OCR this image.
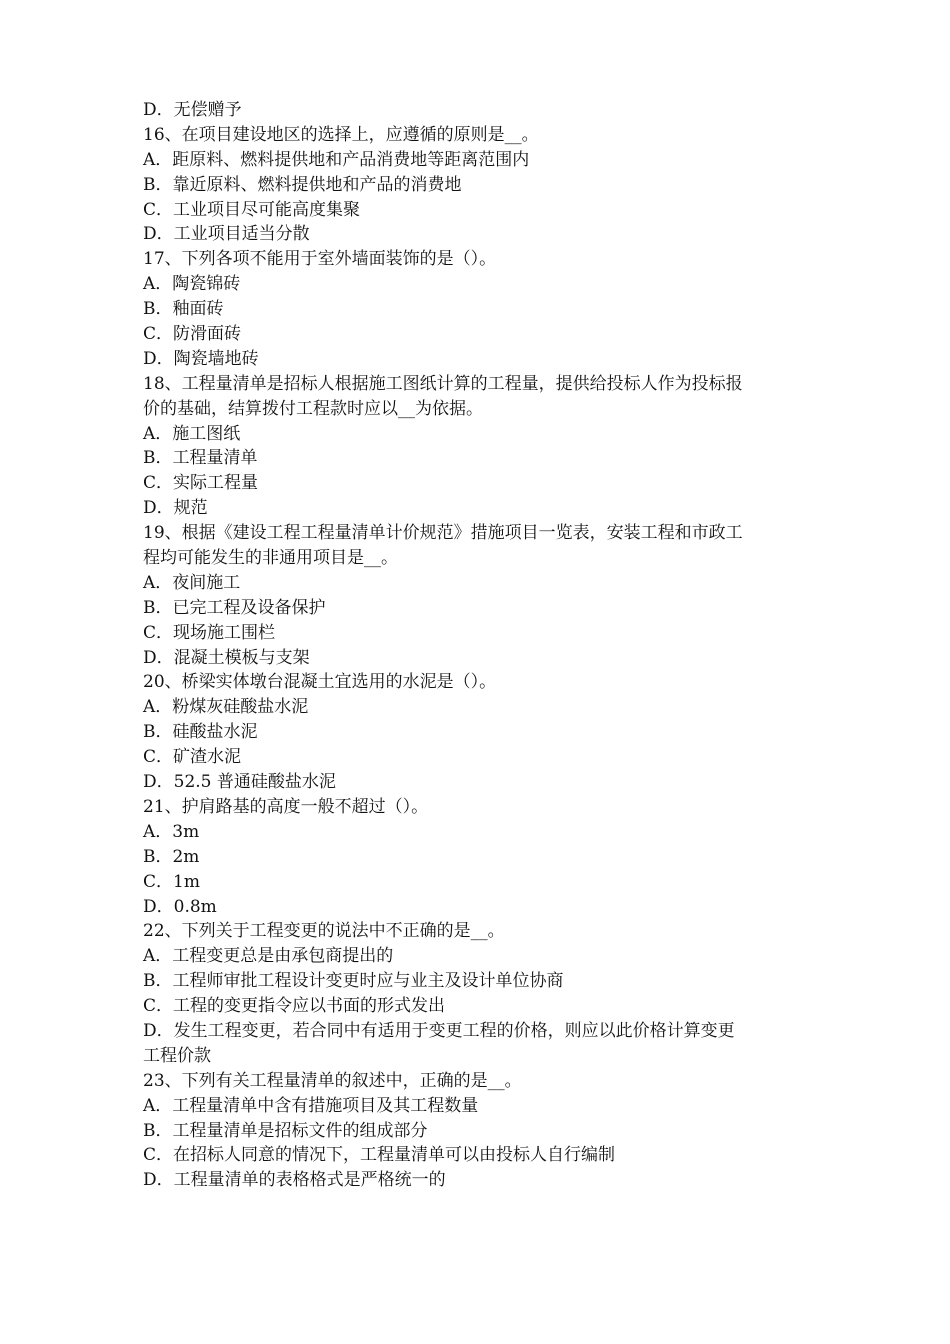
D．无偿赠予
16、在项目建设地区的选择上，应遵循的原则是__。
A．距原料、燃料提供地和产品消费地等距离范围内
B．靠近原料、燃料提供地和产品的消费地
C．工业项目尽可能高度集聚
D．工业项目适当分散
17、下列各项不能用于室外墙面装饰的是（）。
A．陶瓷锦砖
B．釉面砖
C．防滑面砖
D．陶瓷墙地砖
18、工程量清单是招标人根据施工图纸计算的工程量，提供给投标人作为投标报
价的基础，结算拨付工程款时应以__为依据。
A．施工图纸
B．工程量清单
C．实际工程量
D．规范
19、根据《建设工程工程量清单计价规范》措施项目一览表，安装工程和市政工
程均可能发生的非通用项目是__。
A．夜间施工
B．已完工程及设备保护
C．现场施工围栏
D．混凝土模板与支架
20、桥梁实体墩台混凝土宜选用的水泥是（）。
A．粉煤灰硅酸盐水泥
B．硅酸盐水泥
C．矿渣水泥
D．52.5 普通硅酸盐水泥
21、护肩路基的高度一般不超过（）。
A．3m
B．2m
C．1m
D．0.8m
22、下列关于工程变更的说法中不正确的是__。
A．工程变更总是由承包商提出的
B．工程师审批工程设计变更时应与业主及设计单位协商
C．工程的变更指令应以书面的形式发出
D．发生工程变更，若合同中有适用于变更工程的价格，则应以此价格计算变更
工程价款
23、下列有关工程量清单的叙述中，正确的是__。
A．工程量清单中含有措施项目及其工程数量
B．工程量清单是招标文件的组成部分
C．在招标人同意的情况下，工程量清单可以由投标人自行编制
D．工程量清单的表格格式是严格统一的
